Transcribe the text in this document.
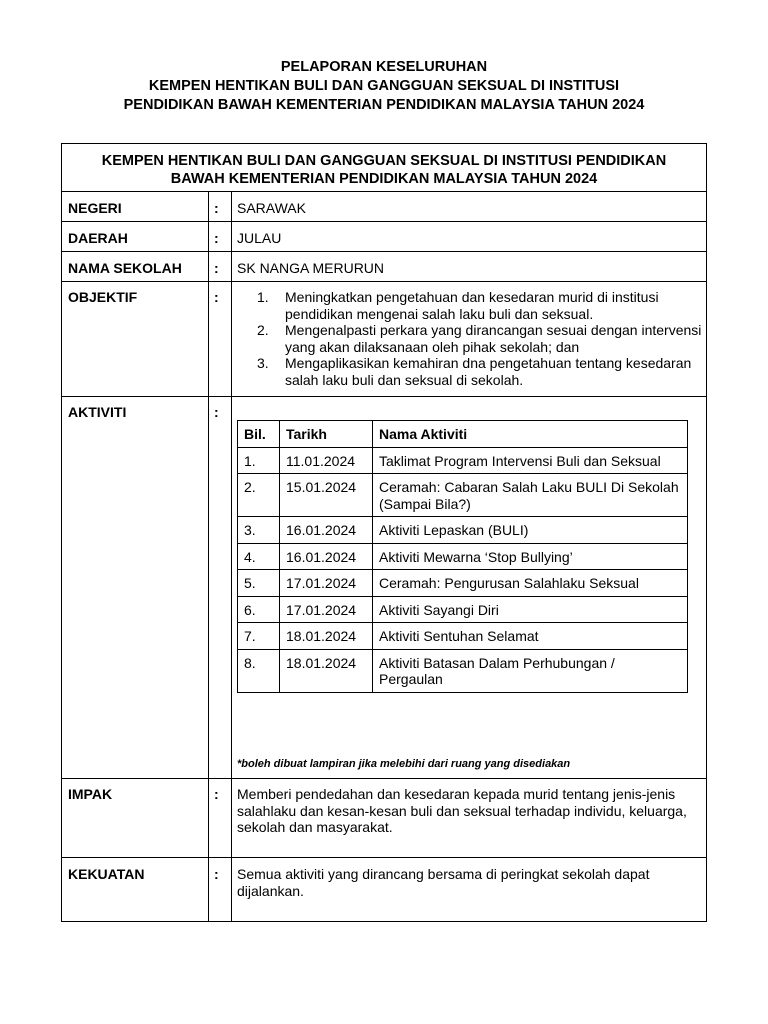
PELAPORAN KESELURUHAN
KEMPEN HENTIKAN BULI DAN GANGGUAN SEKSUAL DI INSTITUSI
PENDIDIKAN BAWAH KEMENTERIAN PENDIDIKAN MALAYSIA TAHUN 2024
KEMPEN HENTIKAN BULI DAN GANGGUAN SEKSUAL DI INSTITUSI PENDIDIKAN
BAWAH KEMENTERIAN PENDIDIKAN MALAYSIA TAHUN 2024
NEGERI	: SARAWAK
DAERAH	: JULAU
NAMA SEKOLAH : SK NANGA MERURUN
OBJEKTIF	:	1. Meningkatkan pengetahuan dan kesedaran murid di institusi pendidikan mengenai salah laku buli dan seksual.
2. Mengenalpasti perkara yang dirancangan sesuai dengan intervensi yang akan dilaksanaan oleh pihak sekolah; dan
3. Mengaplikasikan kemahiran dna pengetahuan tentang kesedaran salah laku buli dan seksual di sekolah.
AKTIVITI	:
Bil.	Tarikh	Nama Aktiviti
1.	11.01.2024	Taklimat Program Intervensi Buli dan Seksual
2.	15.01.2024	Ceramah: Cabaran Salah Laku BULI Di Sekolah (Sampai Bila?)
3.	16.01.2024	Aktiviti Lepaskan (BULI)
4.	16.01.2024	Aktiviti Mewarna ‘Stop Bullying’
5.	17.01.2024	Ceramah: Pengurusan Salahlaku Seksual
6.	17.01.2024	Aktiviti Sayangi Diri
7.	18.01.2024	Aktiviti Sentuhan Selamat
8.	18.01.2024	Aktiviti Batasan Dalam Perhubungan / Pergaulan
*boleh dibuat lampiran jika melebihi dari ruang yang disediakan
IMPAK	: Memberi pendedahan dan kesedaran kepada murid tentang jenis-jenis salahlaku dan kesan-kesan buli dan seksual terhadap individu, keluarga, sekolah dan masyarakat.
KEKUATAN	: Semua aktiviti yang dirancang bersama di peringkat sekolah dapat dijalankan.
